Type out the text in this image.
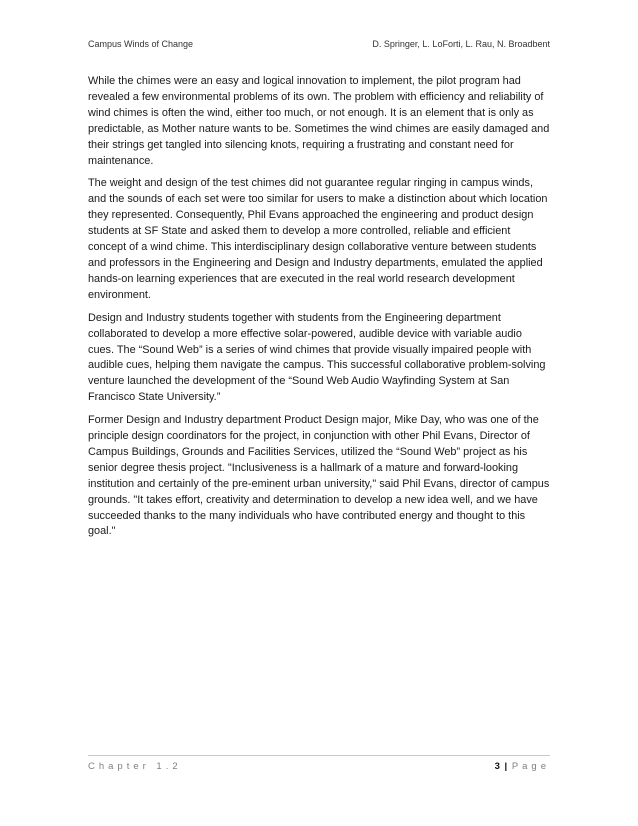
Campus Winds of Change	D. Springer, L. LoForti, L. Rau, N. Broadbent

While the chimes were an easy and logical innovation to implement, the pilot program had revealed a few environmental problems of its own. The problem with efficiency and reliability of wind chimes is often the wind, either too much, or not enough. It is an element that is only as predictable, as Mother nature wants to be. Sometimes the wind chimes are easily damaged and their strings get tangled into silencing knots, requiring a frustrating and constant need for maintenance.

The weight and design of the test chimes did not guarantee regular ringing in campus winds, and the sounds of each set were too similar for users to make a distinction about which location they represented. Consequently, Phil Evans approached the engineering and product design students at SF State and asked them to develop a more controlled, reliable and efficient concept of a wind chime. This interdisciplinary design collaborative venture between students and professors in the Engineering and Design and Industry departments, emulated the applied hands-on learning experiences that are executed in the real world research development environment.

Design and Industry students together with students from the Engineering department collaborated to develop a more effective solar-powered, audible device with variable audio cues. The “Sound Web” is a series of wind chimes that provide visually impaired people with audible cues, helping them navigate the campus. This successful collaborative problem-solving venture launched the development of the “Sound Web Audio Wayfinding System at San Francisco State University.”

Former Design and Industry department Product Design major, Mike Day, who was one of the principle design coordinators for the project, in conjunction with other Phil Evans, Director of Campus Buildings, Grounds and Facilities Services, utilized the “Sound Web” project as his senior degree thesis project. "Inclusiveness is a hallmark of a mature and forward-looking institution and certainly of the pre-eminent urban university," said Phil Evans, director of campus grounds. "It takes effort, creativity and determination to develop a new idea well, and we have succeeded thanks to the many individuals who have contributed energy and thought to this goal."

Chapter 1.2	3 | Page
